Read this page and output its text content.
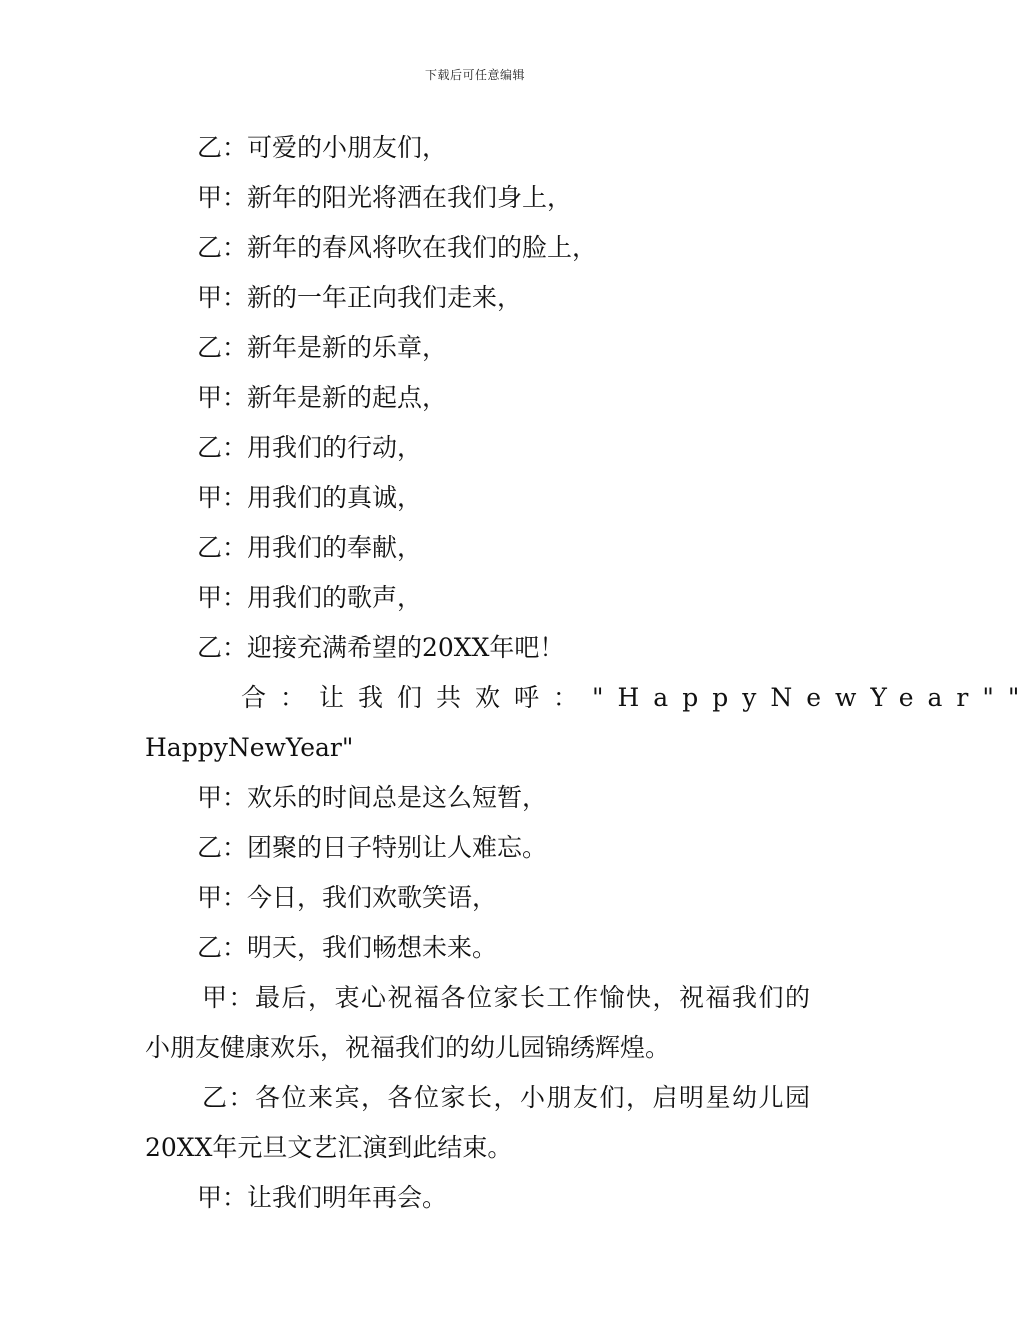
下载后可任意编辑
乙：可爱的小朋友们，
甲：新年的阳光将洒在我们身上，
乙：新年的春风将吹在我们的脸上，
甲：新的一年正向我们走来，
乙：新年是新的乐章，
甲：新年是新的起点，
乙：用我们的行动，
甲：用我们的真诚，
乙：用我们的奉献，
甲：用我们的歌声，
乙：迎接充满希望的20XX年吧！
合：让我们共欢呼："HappyNewYear""
HappyNewYear"
甲：欢乐的时间总是这么短暂，
乙：团聚的日子特别让人难忘。
甲：今日，我们欢歌笑语，
乙：明天，我们畅想未来。
甲：最后，衷心祝福各位家长工作愉快，祝福我们的
小朋友健康欢乐，祝福我们的幼儿园锦绣辉煌。
乙：各位来宾，各位家长，小朋友们，启明星幼儿园
20XX年元旦文艺汇演到此结束。
甲：让我们明年再会。
